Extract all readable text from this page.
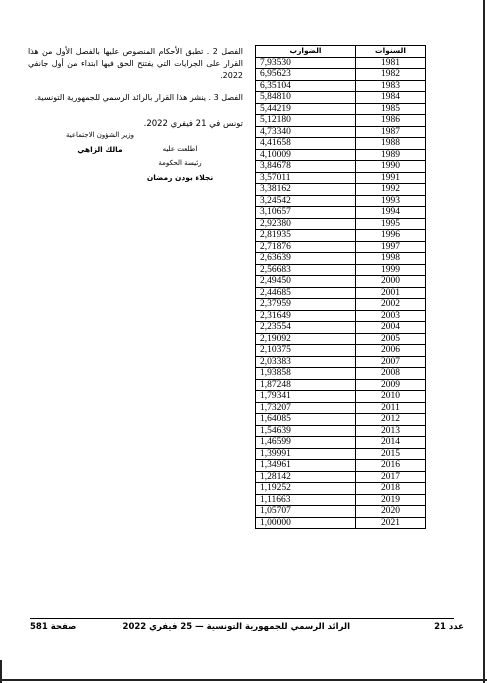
الفصل 2 . تطبق الأحكام المنصوص عليها بالفصل الأول من هذا القرار على الجرايات التي يفتتح الحق فيها ابتداء من أول جانفي 2022.

الفصل 3 . ينشر هذا القرار بالرائد الرسمي للجمهورية التونسية.

تونس في 21 فيفري 2022.
وزير الشؤون الاجتماعية
مالك الزاهي	اطلعت عليه
رئيسة الحكومة
نجلاء بودن رمضان
الضوارب	السنوات
7,93530	1981
6,95623	1982
6,35104	1983
5,84810	1984
5,44219	1985
5,12180	1986
4,73340	1987
4,41658	1988
4,10009	1989
3,84678	1990
3,57011	1991
3,38162	1992
3,24542	1993
3,10657	1994
2,92380	1995
2,81935	1996
2,71876	1997
2,63639	1998
2,56683	1999
2,49450	2000
2,44685	2001
2,37959	2002
2,31649	2003
2,23554	2004
2,19092	2005
2,10375	2006
2,03383	2007
1,93858	2008
1,87248	2009
1,79341	2010
1,73207	2011
1,64085	2012
1,54639	2013
1,46599	2014
1,39991	2015
1,34961	2016
1,28142	2017
1,19252	2018
1,11663	2019
1,05707	2020
1,00000	2021
عدد 21
الرائد الرسمي للجمهورية التونسية — 25 فيفري 2022
صفحة 581
